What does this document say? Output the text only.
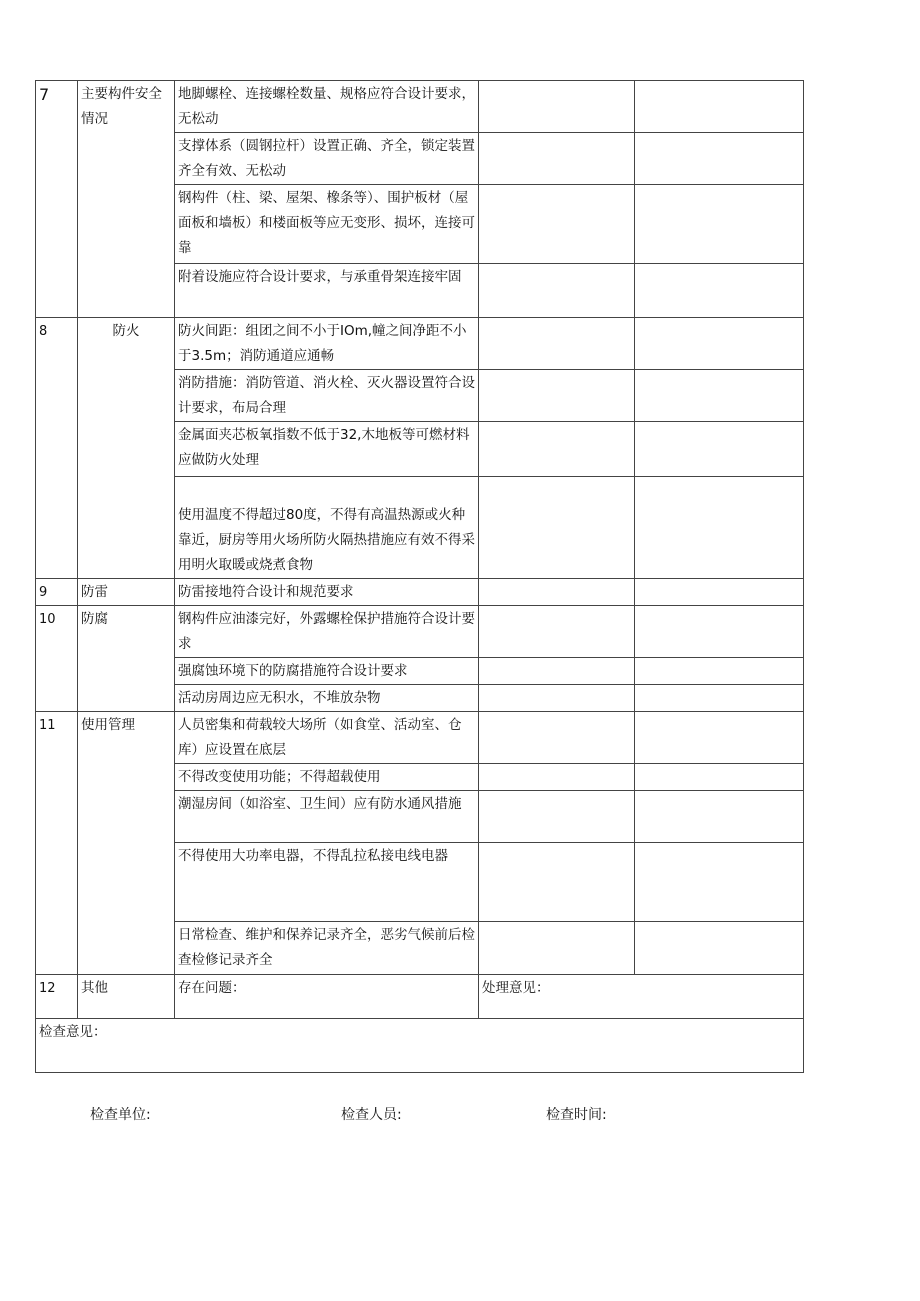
7	主要构件安全情况	地脚螺栓、连接螺栓数量、规格应符合设计要求，无松动		
		支撑体系（圆钢拉杆）设置正确、齐全，锁定装置齐全有效、无松动		
		钢构件（柱、梁、屋架、橡条等）、围护板材（屋面板和墙板）和楼面板等应无变形、损坏，连接可靠		
		附着设施应符合设计要求，与承重骨架连接牢固		
8	防火	防火间距：组团之间不小于IOm,幢之间净距不小于3.5m；消防通道应通畅		
		消防措施：消防管道、消火栓、灭火器设置符合设计要求，布局合理		
		金属面夹芯板氧指数不低于32,木地板等可燃材料应做防火处理		
		使用温度不得超过80度，不得有高温热源或火种靠近，厨房等用火场所防火隔热措施应有效不得采用明火取暖或烧煮食物		
9	防雷	防雷接地符合设计和规范要求		
10	防腐	钢构件应油漆完好，外露螺栓保护措施符合设计要求		
		强腐蚀环境下的防腐措施符合设计要求		
		活动房周边应无积水，不堆放杂物		
11	使用管理	人员密集和荷载较大场所（如食堂、活动室、仓库）应设置在底层		
		不得改变使用功能；不得超载使用		
		潮湿房间（如浴室、卫生间）应有防水通风措施		
		不得使用大功率电器，不得乱拉私接电线电器		
		日常检查、维护和保养记录齐全，恶劣气候前后检查检修记录齐全		
12	其他	存在问题：	处理意见：	
检查意见：				
检查单位:	检查人员:	检查时间:
